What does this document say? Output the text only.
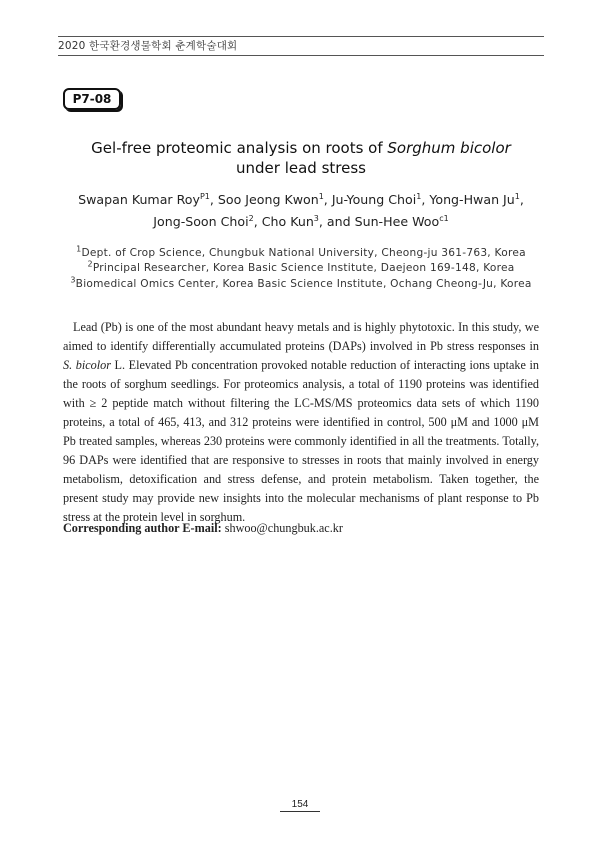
2020 한국환경생물학회 춘계학술대회
P7-08
Gel-free proteomic analysis on roots of Sorghum bicolor
under lead stress
Swapan Kumar Roy$^{P1}$, Soo Jeong Kwon$^1$, Ju-Young Choi$^1$, Yong-Hwan Ju$^1$,
Jong-Soon Choi$^2$, Cho Kun$^3$, and Sun-Hee Woo$^{c1}$
$^1$Dept. of Crop Science, Chungbuk National University, Cheong-ju 361-763, Korea
$^2$Principal Researcher, Korea Basic Science Institute, Daejeon 169-148, Korea
$^3$Biomedical Omics Center, Korea Basic Science Institute, Ochang Cheong-Ju, Korea

Lead (Pb) is one of the most abundant heavy metals and is highly phytotoxic. In this study, we aimed to identify differentially accumulated proteins (DAPs) involved in Pb stress responses in S. bicolor L. Elevated Pb concentration provoked notable reduction of interacting ions uptake in the roots of sorghum seedlings. For proteomics analysis, a total of 1190 proteins was identified with ≥ 2 peptide match without filtering the LC-MS/MS proteomics data sets of which 1190 proteins, a total of 465, 413, and 312 proteins were identified in control, 500 μM and 1000 μM Pb treated samples, whereas 230 proteins were commonly identified in all the treatments. Totally, 96 DAPs were identified that are responsive to stresses in roots that mainly involved in energy metabolism, detoxification and stress defense, and protein metabolism. Taken together, the present study may provide new insights into the molecular mechanisms of plant response to Pb stress at the protein level in sorghum.

Corresponding author E-mail: shwoo@chungbuk.ac.kr
154
